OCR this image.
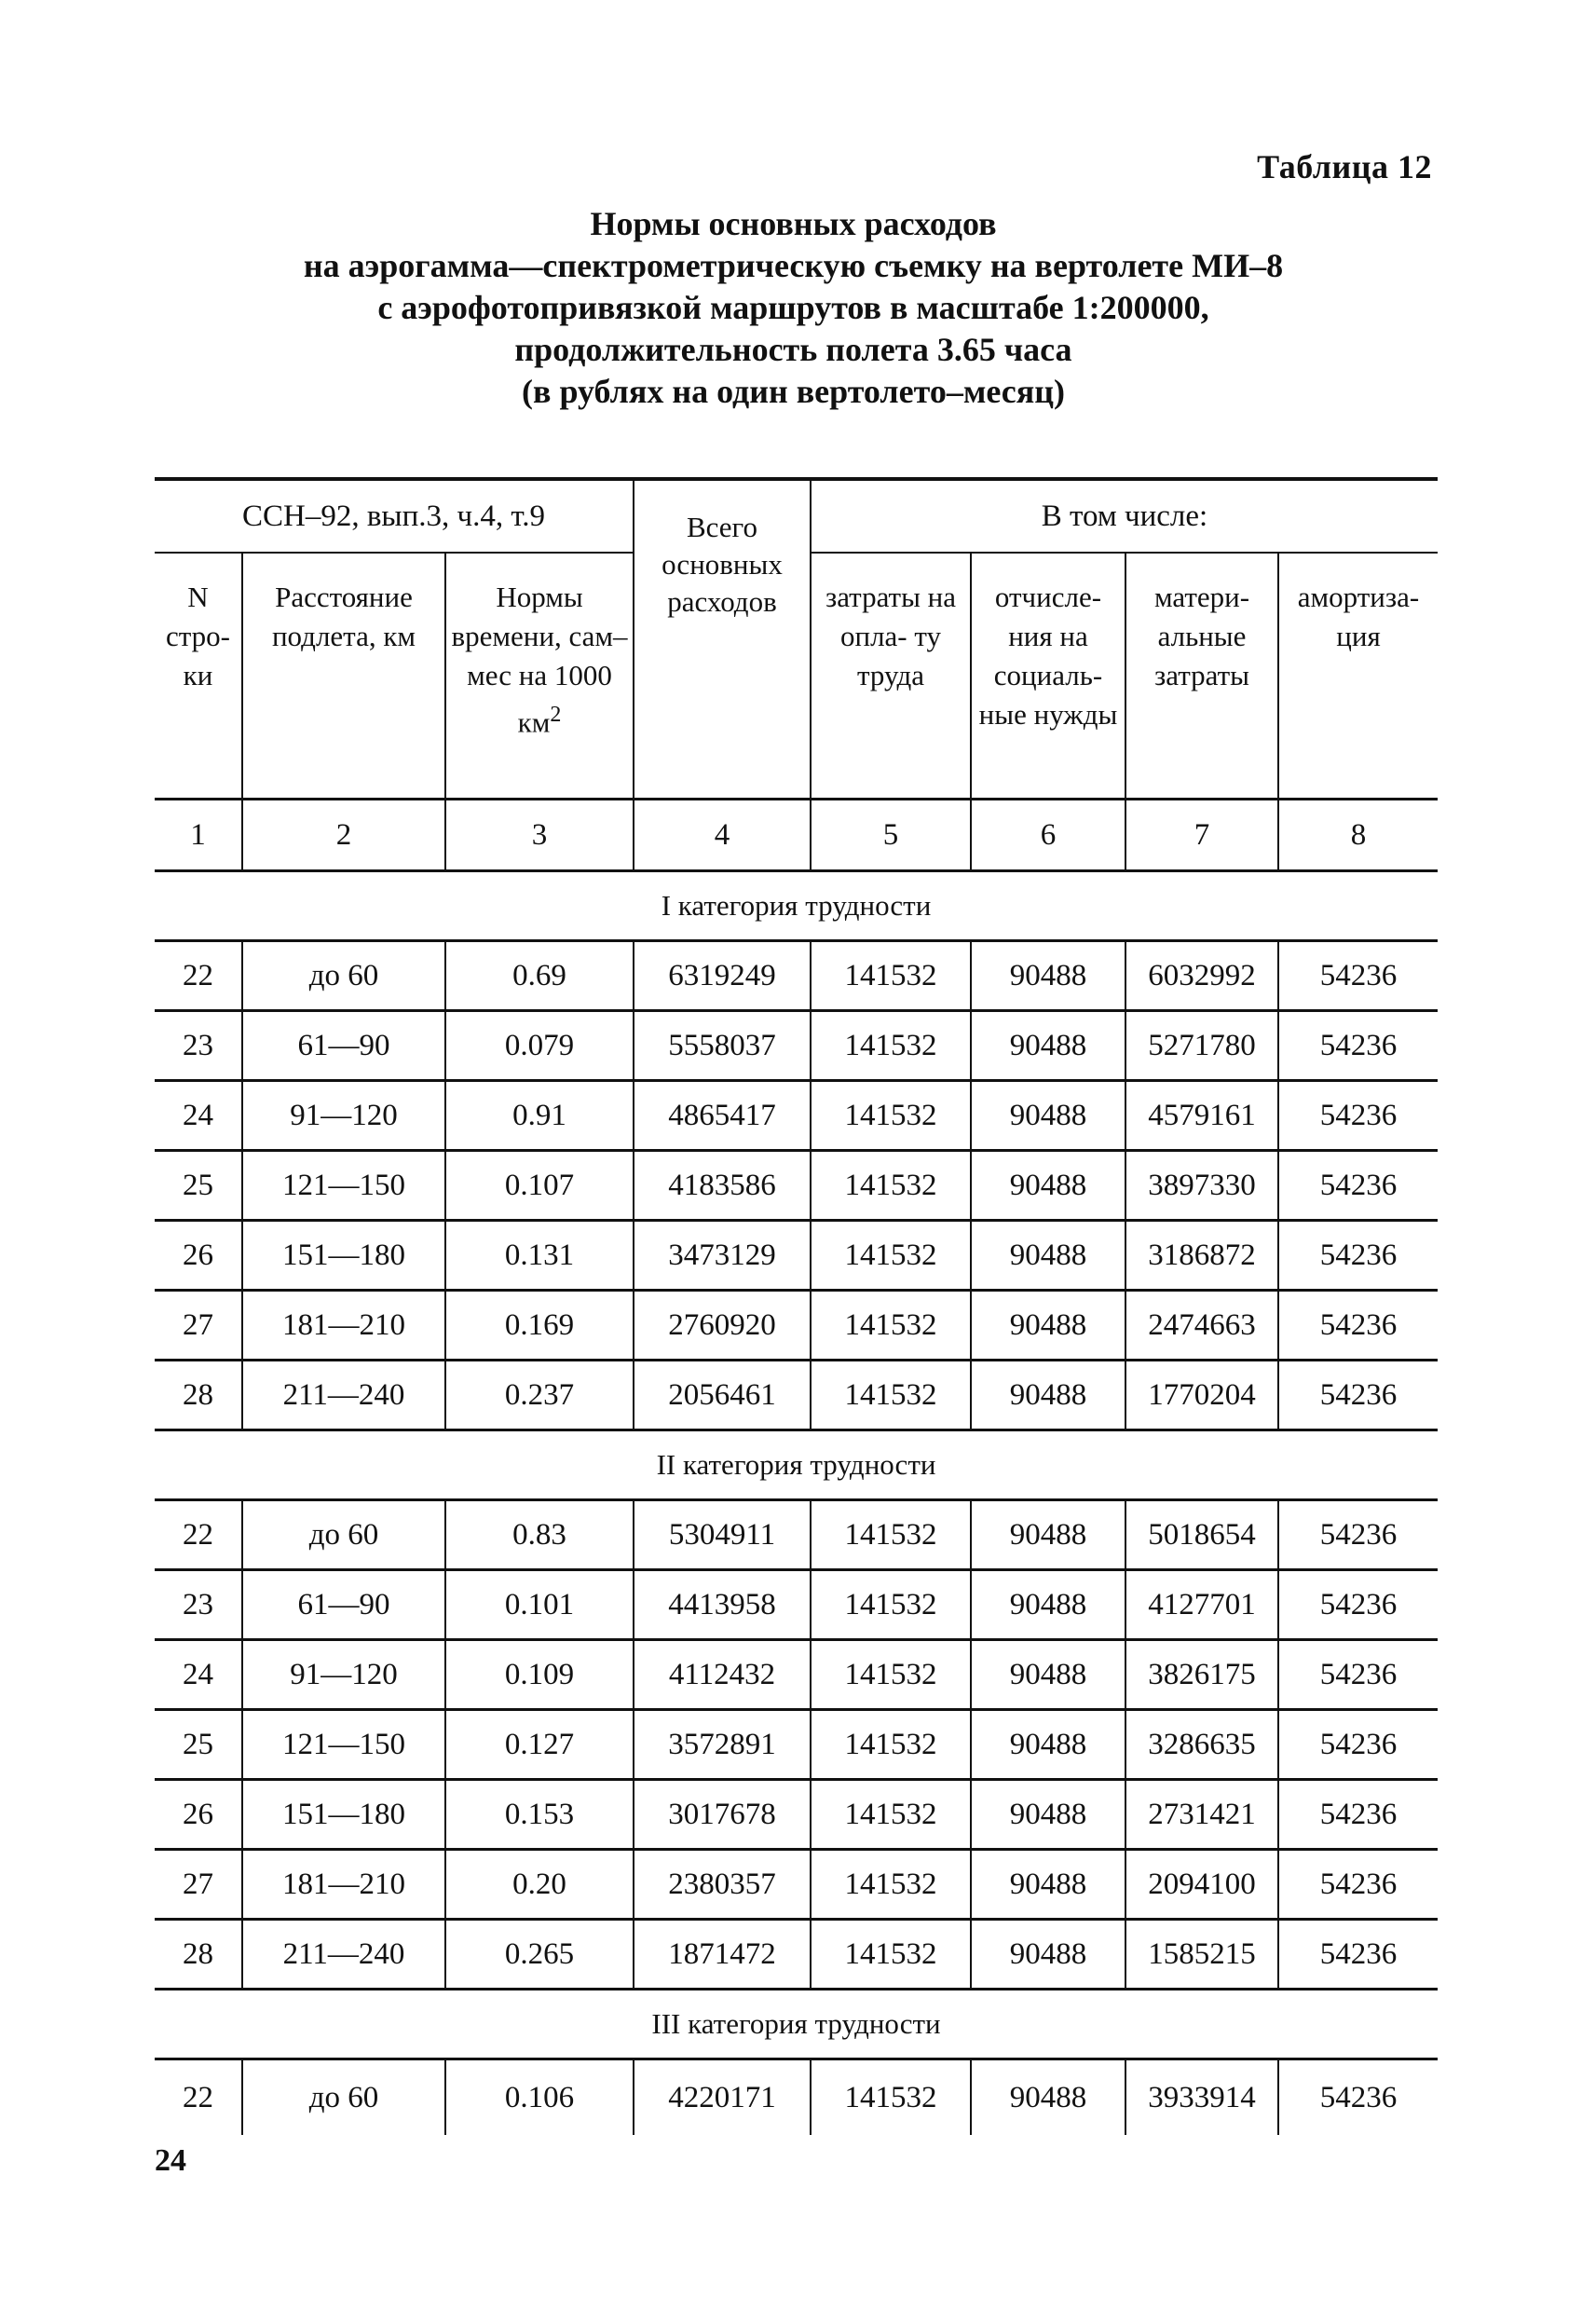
Таблица 12
Нормы основных расходов
на аэрогамма—спектрометрическую съемку на вертолете МИ–8
с аэрофотопривязкой маршрутов в масштабе 1:200000,
продолжительность полета 3.65 часа
(в рублях на один вертолето–месяц)
ССН–92, вып.3, ч.4, т.9			Всего основных расходов	В том числе:			
N стро- ки	Расстояние подлета, км	Нормы времени, сам–мес на 1000 $км^2$		затраты на опла- ту труда	отчисле- ния на социаль- ные нужды	матери- альные затраты	амортиза- ция
1	2	3	4	5	6	7	8
I категория трудности							
22	до 60	0.69	6319249	141532	90488	6032992	54236
23	61—90	0.079	5558037	141532	90488	5271780	54236
24	91—120	0.91	4865417	141532	90488	4579161	54236
25	121—150	0.107	4183586	141532	90488	3897330	54236
26	151—180	0.131	3473129	141532	90488	3186872	54236
27	181—210	0.169	2760920	141532	90488	2474663	54236
28	211—240	0.237	2056461	141532	90488	1770204	54236
II категория трудности							
22	до 60	0.83	5304911	141532	90488	5018654	54236
23	61—90	0.101	4413958	141532	90488	4127701	54236
24	91—120	0.109	4112432	141532	90488	3826175	54236
25	121—150	0.127	3572891	141532	90488	3286635	54236
26	151—180	0.153	3017678	141532	90488	2731421	54236
27	181—210	0.20	2380357	141532	90488	2094100	54236
28	211—240	0.265	1871472	141532	90488	1585215	54236
III категория трудности							
22	до 60	0.106	4220171	141532	90488	3933914	54236
24
